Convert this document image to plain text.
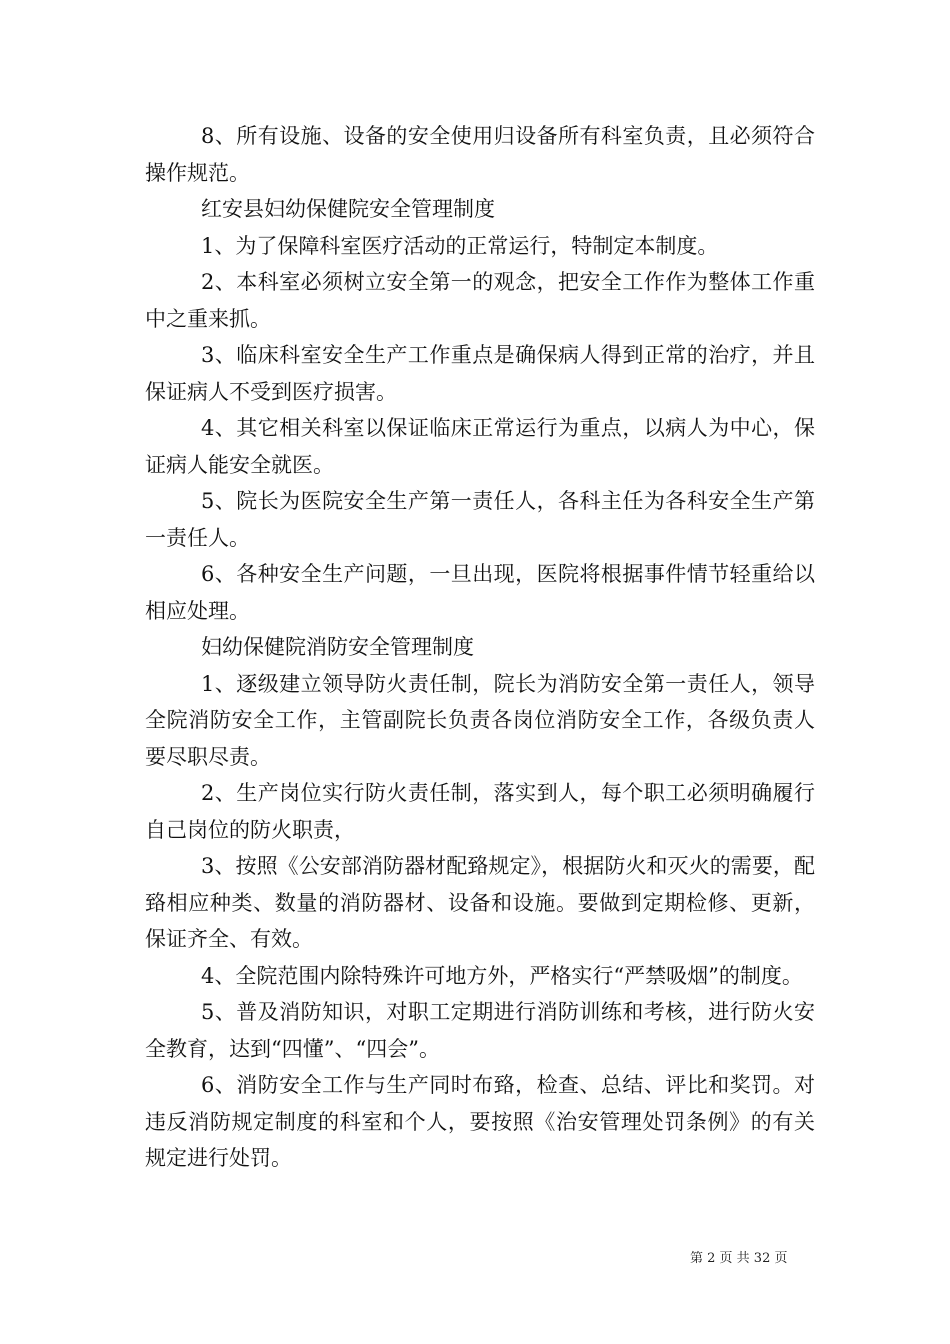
8、所有设施、设备的安全使用归设备所有科室负责，且必须符合操作规范。

红安县妇幼保健院安全管理制度

1、为了保障科室医疗活动的正常运行，特制定本制度。

2、本科室必须树立安全第一的观念，把安全工作作为整体工作重中之重来抓。

3、临床科室安全生产工作重点是确保病人得到正常的治疗，并且保证病人不受到医疗损害。

4、其它相关科室以保证临床正常运行为重点，以病人为中心，保证病人能安全就医。

5、院长为医院安全生产第一责任人，各科主任为各科安全生产第一责任人。

6、各种安全生产问题，一旦出现，医院将根据事件情节轻重给以相应处理。

妇幼保健院消防安全管理制度

1、逐级建立领导防火责任制，院长为消防安全第一责任人，领导全院消防安全工作，主管副院长负责各岗位消防安全工作，各级负责人要尽职尽责。

2、生产岗位实行防火责任制，落实到人，每个职工必须明确履行自己岗位的防火职责，

3、按照《公安部消防器材配臵规定》，根据防火和灭火的需要，配臵相应种类、数量的消防器材、设备和设施。要做到定期检修、更新，保证齐全、有效。

4、全院范围内除特殊许可地方外，严格实行“严禁吸烟”的制度。

5、普及消防知识，对职工定期进行消防训练和考核，进行防火安全教育，达到“四懂”、“四会”。

6、消防安全工作与生产同时布臵，检查、总结、评比和奖罚。对违反消防规定制度的科室和个人，要按照《治安管理处罚条例》的有关规定进行处罚。

第 2 页 共 32 页
